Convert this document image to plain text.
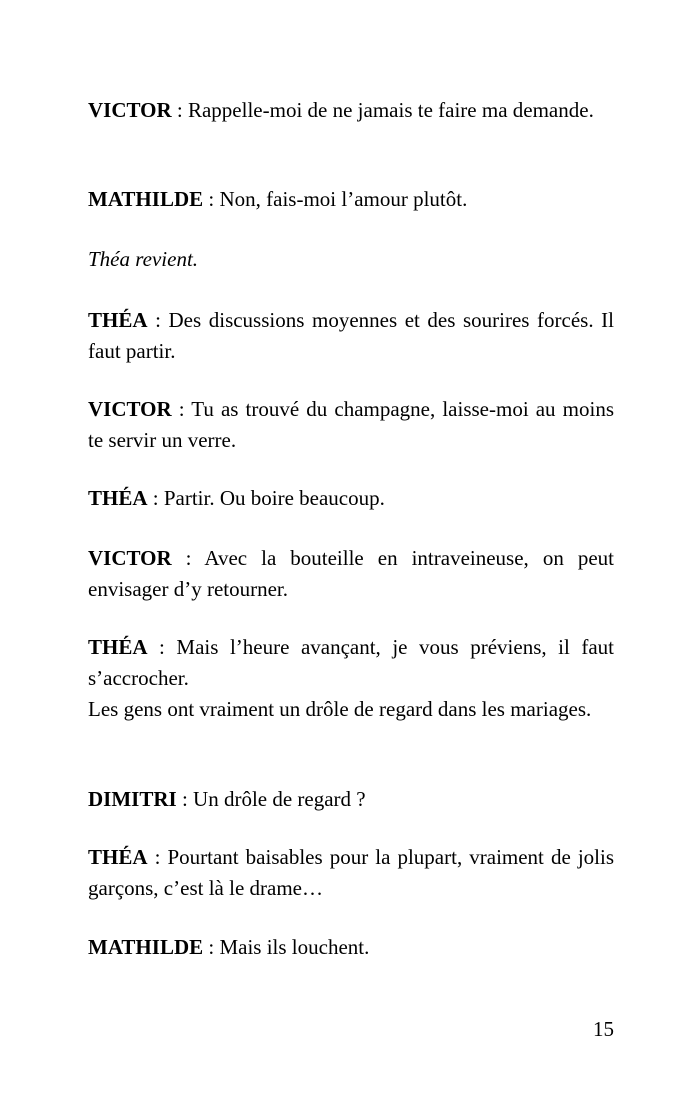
VICTOR : Rappelle-moi de ne jamais te faire ma demande.

MATHILDE : Non, fais-moi l’amour plutôt.

Théa revient.

THÉA : Des discussions moyennes et des sourires forcés. Il faut partir.

VICTOR : Tu as trouvé du champagne, laisse-moi au moins te servir un verre.

THÉA : Partir. Ou boire beaucoup.

VICTOR : Avec la bouteille en intraveineuse, on peut envisager d’y retourner.

THÉA : Mais l’heure avançant, je vous préviens, il faut s’accrocher.

Les gens ont vraiment un drôle de regard dans les mariages.

DIMITRI : Un drôle de regard ?

THÉA : Pourtant baisables pour la plupart, vraiment de jolis garçons, c’est là le drame…

MATHILDE : Mais ils louchent.

15
